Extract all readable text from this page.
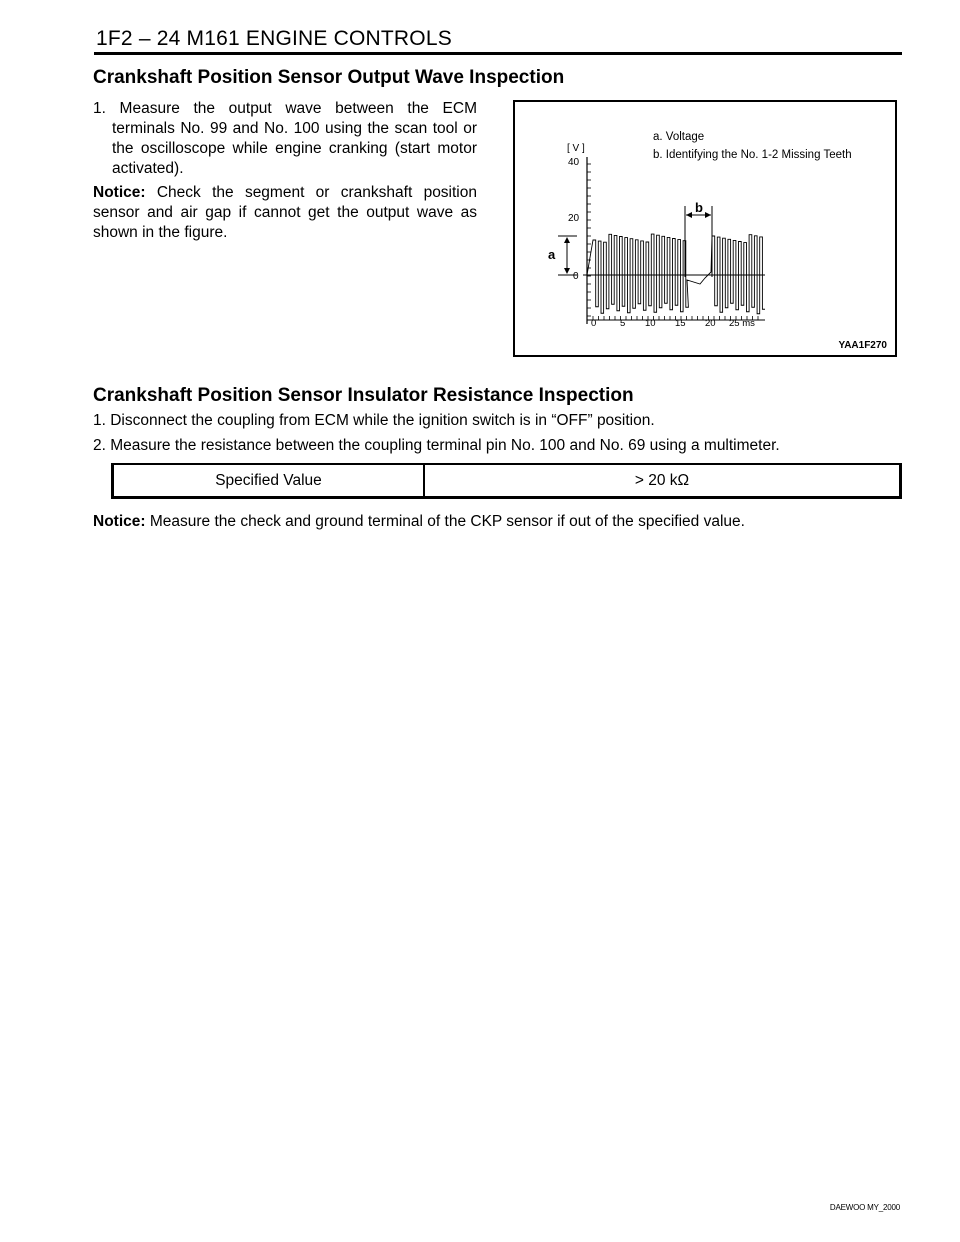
1F2 – 24 M161 ENGINE CONTROLS
Crankshaft Position Sensor Output Wave Inspection
1. Measure the output wave between the ECM terminals No. 99 and No. 100 using the scan tool or the oscilloscope while engine cranking (start motor activated).
Notice: Check the segment or crankshaft position sensor and air gap if cannot get the output wave as shown in the figure.
a. Voltage
b. Identifying the No. 1-2 Missing Teeth
[ V ]
40
20
0
a
b
0 5 10 15 20 25 ms
YAA1F270
Crankshaft Position Sensor Insulator Resistance Inspection
1. Disconnect the coupling from ECM while the ignition switch is in “OFF” position.
2. Measure the resistance between the coupling terminal pin No. 100 and No. 69 using a multimeter.
Specified Value	> 20 kΩ
Notice: Measure the check and ground terminal of the CKP sensor if out of the specified value.
DAEWOO MY_2000
